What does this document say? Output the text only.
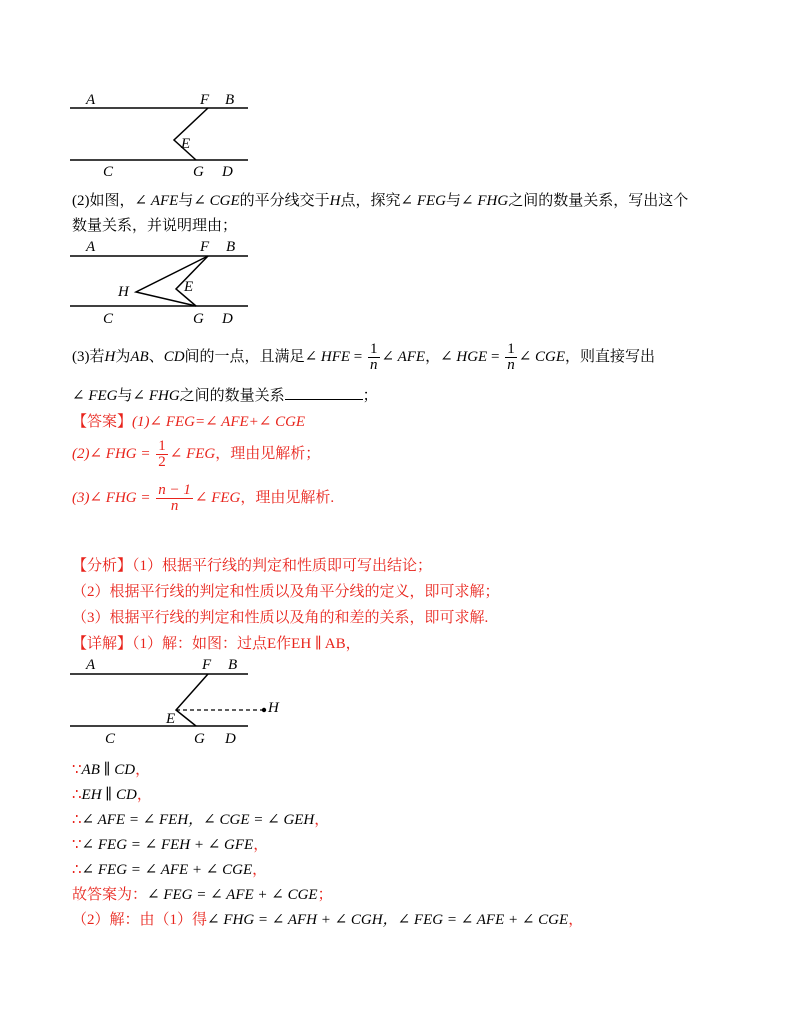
A	F B
E
C	G D
(2)如图，∠ AFE与∠ CGE的平分线交于H点，探究∠ FEG与∠ FHG之间的数量关系，写出这个
数量关系，并说明理由；
A	F B
H	E
C	G D
(3)若H为AB、CD间的一点，且满足∠ HFE = $\frac{1}{n}$ ∠ AFE，∠ HGE = $\frac{1}{n}$ ∠ CGE，则直接写出
∠ FEG与∠ FHG之间的数量关系	；
【答案】(1)∠ FEG=∠ AFE+∠ CGE
(2)∠ FHG = $\frac{1}{2}$ ∠ FEG，理由见解析；
(3)∠ FHG = $\frac{n - 1}{n}$ ∠ FEG，理由见解析.
【分析】（1）根据平行线的判定和性质即可写出结论；
（2）根据平行线的判定和性质以及角平分线的定义，即可求解；
（3）根据平行线的判定和性质以及角的和差的关系，即可求解.
【详解】（1）解：如图：过点E作EH ∥ AB，
A	F B
E
H
C	G D
∵AB ∥ CD，
∴EH ∥ CD，
∴∠ AFE = ∠ FEH，∠ CGE = ∠ GEH，
∵∠ FEG = ∠ FEH + ∠ GFE，
∴∠ FEG = ∠ AFE + ∠ CGE，
故答案为：∠ FEG = ∠ AFE + ∠ CGE；
（2）解：由（1）得∠ FHG = ∠ AFH + ∠ CGH，∠ FEG = ∠ AFE + ∠ CGE，
